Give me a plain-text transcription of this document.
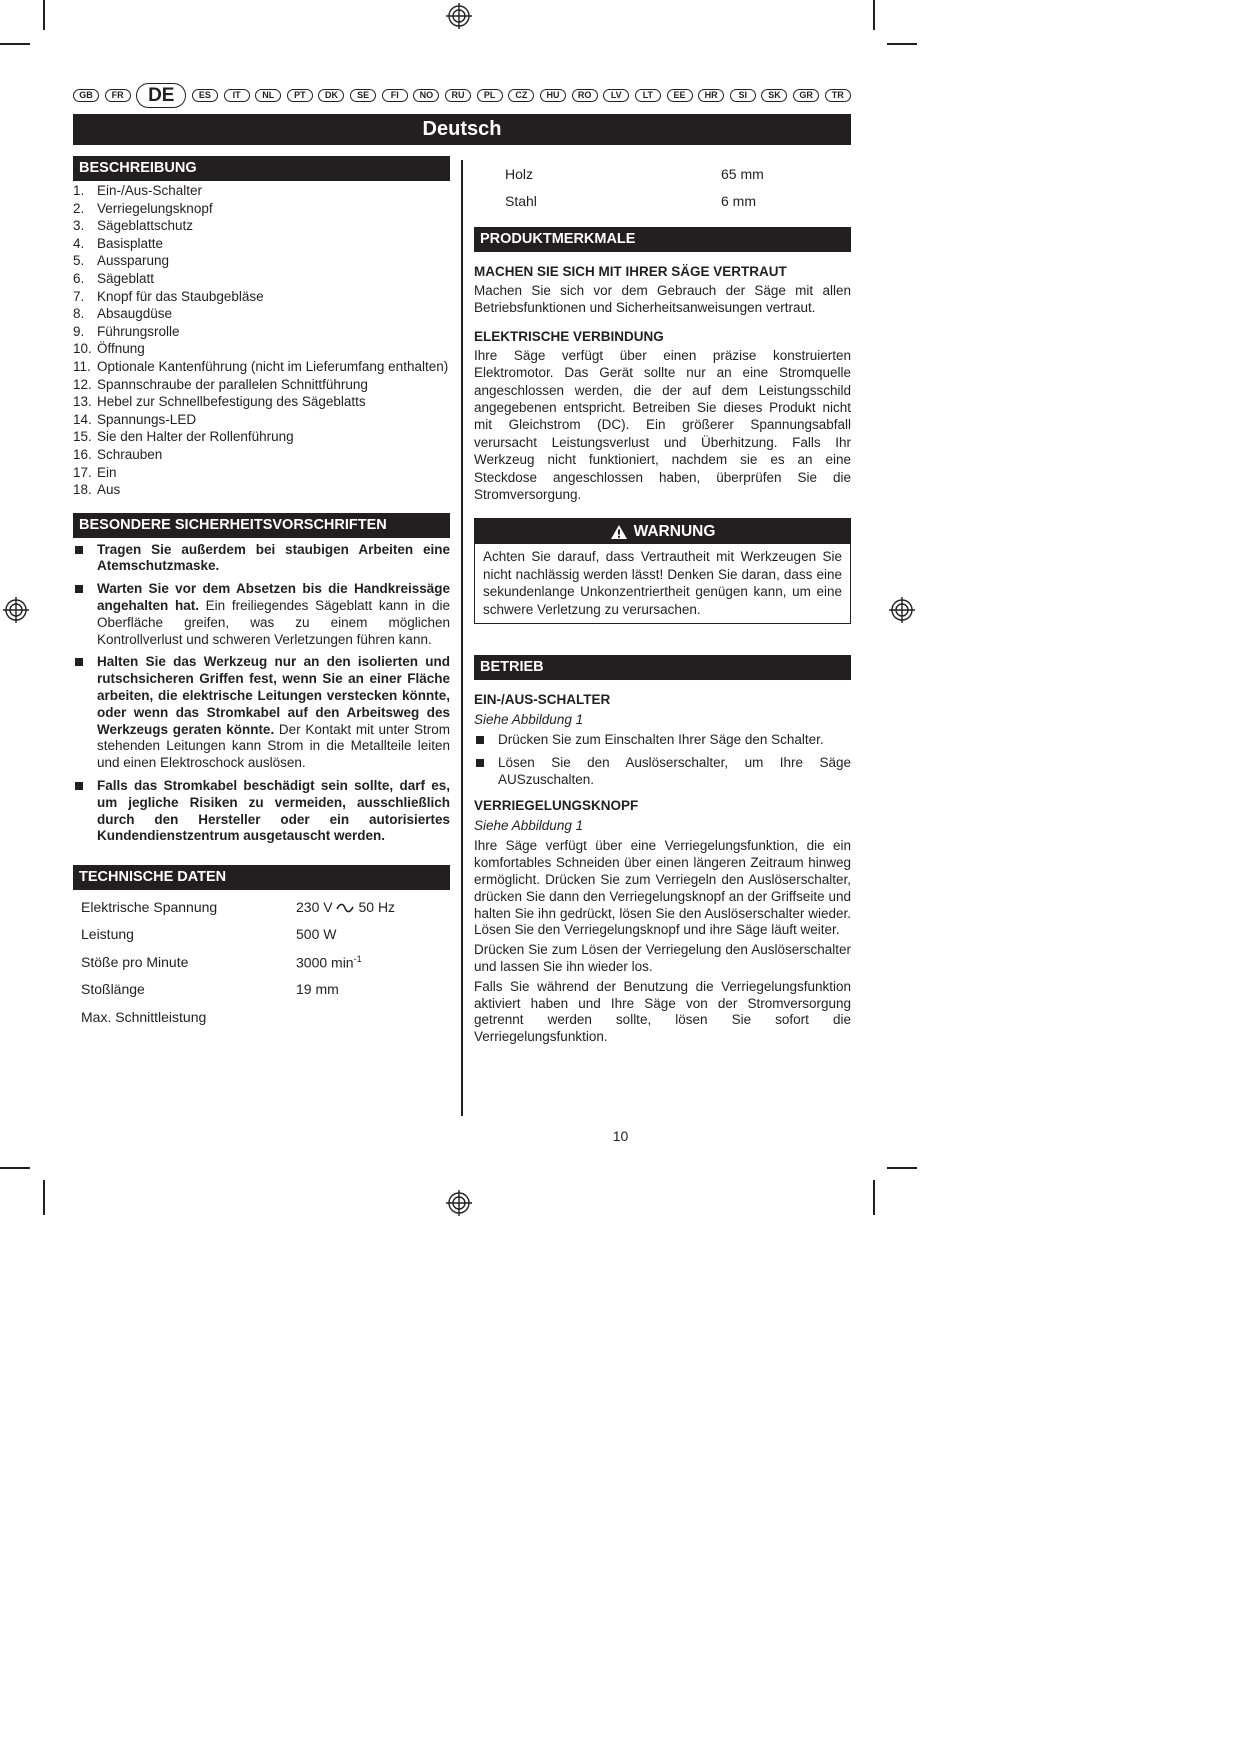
GB	FR	DE	ES	IT	NL	PT	DK	SE	FI	NO	RU	PL	CZ	HU	RO	LV	LT	EE	HR	SI	SK	GR	TR
Deutsch
BESCHREIBUNG
1. Ein-/Aus-Schalter
2. Verriegelungsknopf
3. Sägeblattschutz
4. Basisplatte
5. Aussparung
6. Sägeblatt
7. Knopf für das Staubgebläse
8. Absaugdüse
9. Führungsrolle
10. Öffnung
11. Optionale Kantenführung (nicht im Lieferumfang enthalten)
12. Spannschraube der parallelen Schnittführung
13. Hebel zur Schnellbefestigung des Sägeblatts
14. Spannungs-LED
15. Sie den Halter der Rollenführung
16. Schrauben
17. Ein
18. Aus
BESONDERE SICHERHEITSVORSCHRIFTEN
Tragen Sie außerdem bei staubigen Arbeiten eine Atemschutzmaske.
Warten Sie vor dem Absetzen bis die Handkreissäge angehalten hat. Ein freiliegendes Sägeblatt kann in die Oberfläche greifen, was zu einem möglichen Kontrollverlust und schweren Verletzungen führen kann.
Halten Sie das Werkzeug nur an den isolierten und rutschsicheren Griffen fest, wenn Sie an einer Fläche arbeiten, die elektrische Leitungen verstecken könnte, oder wenn das Stromkabel auf den Arbeitsweg des Werkzeugs geraten könnte. Der Kontakt mit unter Strom stehenden Leitungen kann Strom in die Metallteile leiten und einen Elektroschock auslösen.
Falls das Stromkabel beschädigt sein sollte, darf es, um jegliche Risiken zu vermeiden, ausschließlich durch den Hersteller oder ein autorisiertes Kundendienstzentrum ausgetauscht werden.
TECHNISCHE DATEN
Elektrische Spannung	230 V 50 Hz
Leistung	500 W
Stöße pro Minute	3000 $\min^{-1}$
Stoßlänge	19 mm
Max. Schnittleistung	
Holz	65 mm
Stahl	6 mm
PRODUKTMERKMALE

MACHEN SIE SICH MIT IHRER SÄGE VERTRAUT

Machen Sie sich vor dem Gebrauch der Säge mit allen Betriebsfunktionen und Sicherheitsanweisungen vertraut.

ELEKTRISCHE VERBINDUNG

Ihre Säge verfügt über einen präzise konstruierten Elektromotor. Das Gerät sollte nur an eine Stromquelle angeschlossen werden, die der auf dem Leistungsschild angegebenen entspricht. Betreiben Sie dieses Produkt nicht mit Gleichstrom (DC). Ein größerer Spannungsabfall verursacht Leistungsverlust und Überhitzung. Falls Ihr Werkzeug nicht funktioniert, nachdem sie es an eine Steckdose angeschlossen haben, überprüfen Sie die Stromversorgung.

WARNUNG
Achten Sie darauf, dass Vertrautheit mit Werkzeugen Sie nicht nachlässig werden lässt! Denken Sie daran, dass eine sekundenlange Unkonzentriertheit genügen kann, um eine schwere Verletzung zu verursachen.
BETRIEB

EIN-/AUS-SCHALTER

Siehe Abbildung 1

Drücken Sie zum Einschalten Ihrer Säge den Schalter.
Lösen Sie den Auslöserschalter, um Ihre Säge AUSzuschalten.

VERRIEGELUNGSKNOPF

Siehe Abbildung 1

Ihre Säge verfügt über eine Verriegelungsfunktion, die ein komfortables Schneiden über einen längeren Zeitraum hinweg ermöglicht. Drücken Sie zum Verriegeln den Auslöserschalter, drücken Sie dann den Verriegelungsknopf an der Griffseite und halten Sie ihn gedrückt, lösen Sie den Auslöserschalter wieder. Lösen Sie den Verriegelungsknopf und ihre Säge läuft weiter.

Drücken Sie zum Lösen der Verriegelung den Auslöserschalter und lassen Sie ihn wieder los.

Falls Sie während der Benutzung die Verriegelungsfunktion aktiviert haben und Ihre Säge von der Stromversorgung getrennt werden sollte, lösen Sie sofort die Verriegelungsfunktion.

10
